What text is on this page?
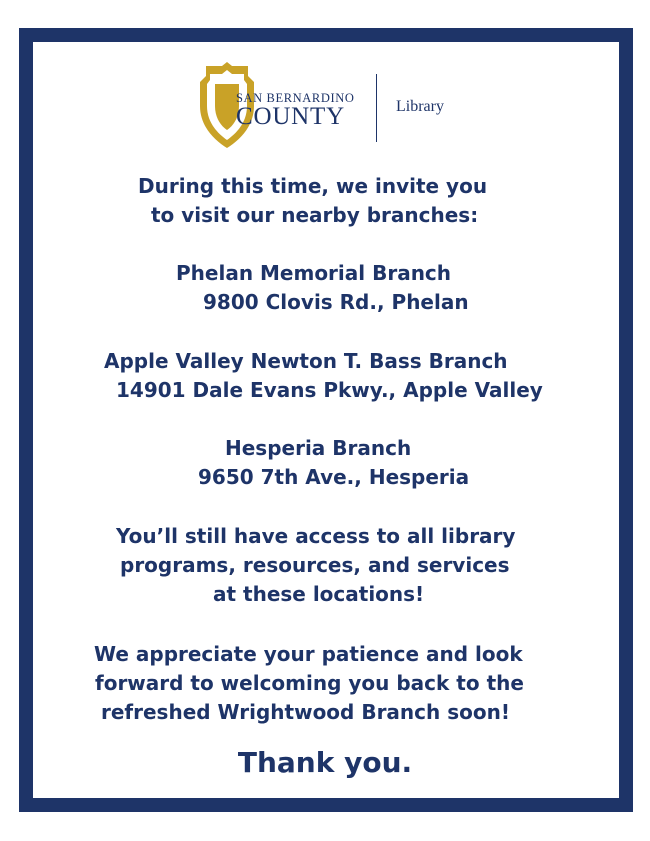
SAN BERNARDINO
COUNTY	Library
During this time, we invite you
to visit our nearby branches:
Phelan Memorial Branch
9800 Clovis Rd., Phelan
Apple Valley Newton T. Bass Branch
14901 Dale Evans Pkwy., Apple Valley
Hesperia Branch
9650 7th Ave., Hesperia
You’ll still have access to all library
programs, resources, and services
at these locations!
We appreciate your patience and look
forward to welcoming you back to the
refreshed Wrightwood Branch soon!
Thank you.
